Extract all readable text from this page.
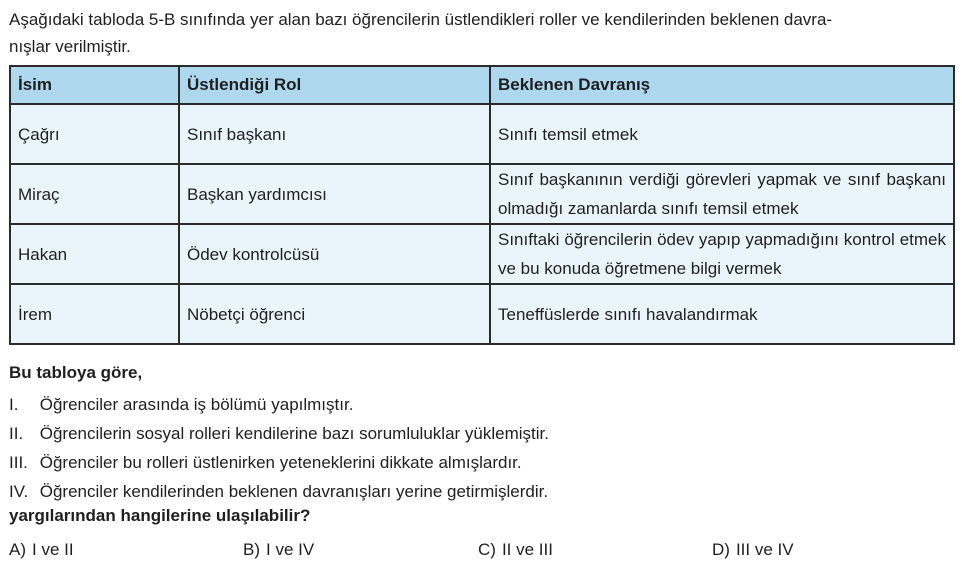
Aşağıdaki tabloda 5-B sınıfında yer alan bazı öğrencilerin üstlendikleri roller ve kendilerinden beklenen davra-
nışlar verilmiştir.

İsim	Üstlendiği Rol	Beklenen Davranış
Çağrı	Sınıf başkanı	Sınıfı temsil etmek
Miraç	Başkan yardımcısı	Sınıf başkanının verdiği görevleri yapmak ve sınıf başkanı olmadığı zamanlarda sınıfı temsil etmek
Hakan	Ödev kontrolcüsü	Sınıftaki öğrencilerin ödev yapıp yapmadığını kontrol etmek ve bu konuda öğretmene bilgi vermek
İrem	Nöbetçi öğrenci	Teneffüslerde sınıfı havalandırmak

Bu tabloya göre,

I. Öğrenciler arasında iş bölümü yapılmıştır.
II. Öğrencilerin sosyal rolleri kendilerine bazı sorumluluklar yüklemiştir.
III. Öğrenciler bu rolleri üstlenirken yeteneklerini dikkate almışlardır.
IV. Öğrenciler kendilerinden beklenen davranışları yerine getirmişlerdir.

yargılarından hangilerine ulaşılabilir?

A) I ve II	B) I ve IV	C) II ve III	D) III ve IV
